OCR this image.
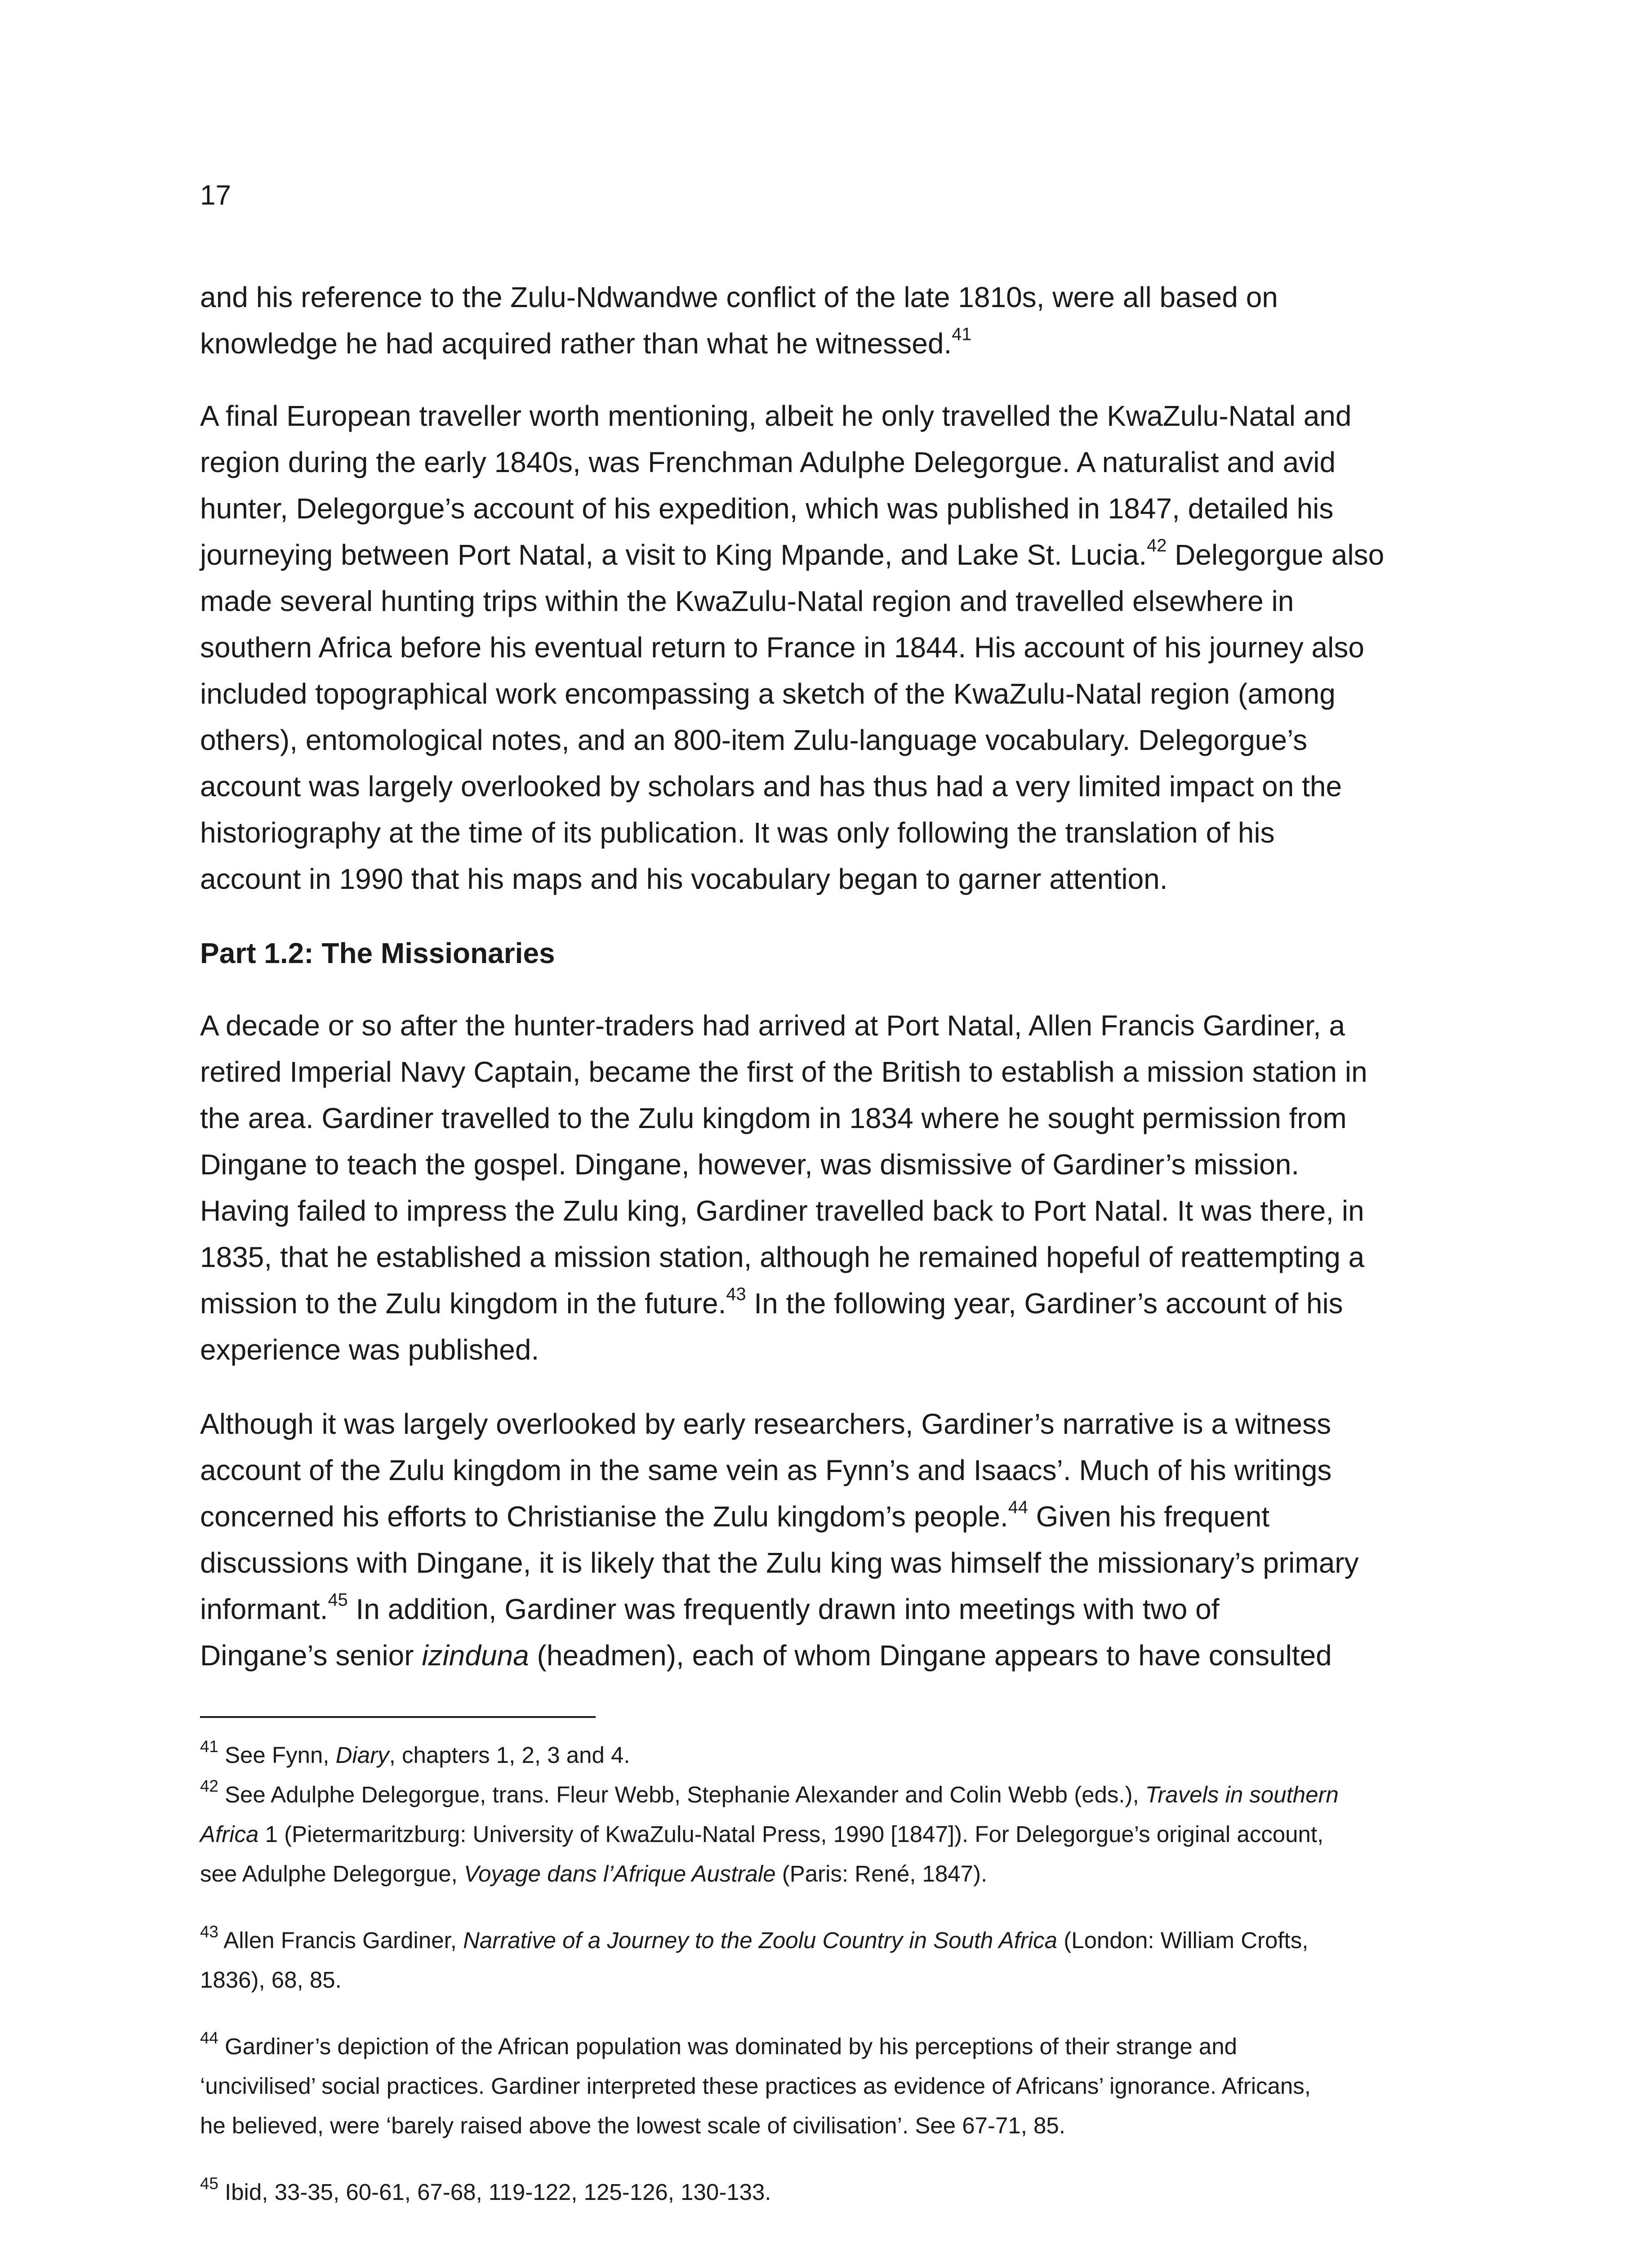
17

and his reference to the Zulu-Ndwandwe conflict of the late 1810s, were all based on
knowledge he had acquired rather than what he witnessed.$^{41}$

A final European traveller worth mentioning, albeit he only travelled the KwaZulu-Natal and
region during the early 1840s, was Frenchman Adulphe Delegorgue. A naturalist and avid
hunter, Delegorgue’s account of his expedition, which was published in 1847, detailed his
journeying between Port Natal, a visit to King Mpande, and Lake St. Lucia.$^{42}$ Delegorgue also
made several hunting trips within the KwaZulu-Natal region and travelled elsewhere in
southern Africa before his eventual return to France in 1844. His account of his journey also
included topographical work encompassing a sketch of the KwaZulu-Natal region (among
others), entomological notes, and an 800-item Zulu-language vocabulary. Delegorgue’s
account was largely overlooked by scholars and has thus had a very limited impact on the
historiography at the time of its publication. It was only following the translation of his
account in 1990 that his maps and his vocabulary began to garner attention.

Part 1.2: The Missionaries

A decade or so after the hunter-traders had arrived at Port Natal, Allen Francis Gardiner, a
retired Imperial Navy Captain, became the first of the British to establish a mission station in
the area. Gardiner travelled to the Zulu kingdom in 1834 where he sought permission from
Dingane to teach the gospel. Dingane, however, was dismissive of Gardiner’s mission.
Having failed to impress the Zulu king, Gardiner travelled back to Port Natal. It was there, in
1835, that he established a mission station, although he remained hopeful of reattempting a
mission to the Zulu kingdom in the future.$^{43}$ In the following year, Gardiner’s account of his
experience was published.

Although it was largely overlooked by early researchers, Gardiner’s narrative is a witness
account of the Zulu kingdom in the same vein as Fynn’s and Isaacs’. Much of his writings
concerned his efforts to Christianise the Zulu kingdom’s people.$^{44}$ Given his frequent
discussions with Dingane, it is likely that the Zulu king was himself the missionary’s primary
informant.$^{45}$ In addition, Gardiner was frequently drawn into meetings with two of
Dingane’s senior izinduna (headmen), each of whom Dingane appears to have consulted

$^{41}$ See Fynn, Diary, chapters 1, 2, 3 and 4.
$^{42}$ See Adulphe Delegorgue, trans. Fleur Webb, Stephanie Alexander and Colin Webb (eds.), Travels in southern
Africa 1 (Pietermaritzburg: University of KwaZulu-Natal Press, 1990 [1847]). For Delegorgue’s original account,
see Adulphe Delegorgue, Voyage dans l’Afrique Australe (Paris: René, 1847).
$^{43}$ Allen Francis Gardiner, Narrative of a Journey to the Zoolu Country in South Africa (London: William Crofts,
1836), 68, 85.
$^{44}$ Gardiner’s depiction of the African population was dominated by his perceptions of their strange and
‘uncivilised’ social practices. Gardiner interpreted these practices as evidence of Africans’ ignorance. Africans,
he believed, were ‘barely raised above the lowest scale of civilisation’. See 67-71, 85.
$^{45}$ Ibid, 33-35, 60-61, 67-68, 119-122, 125-126, 130-133.
